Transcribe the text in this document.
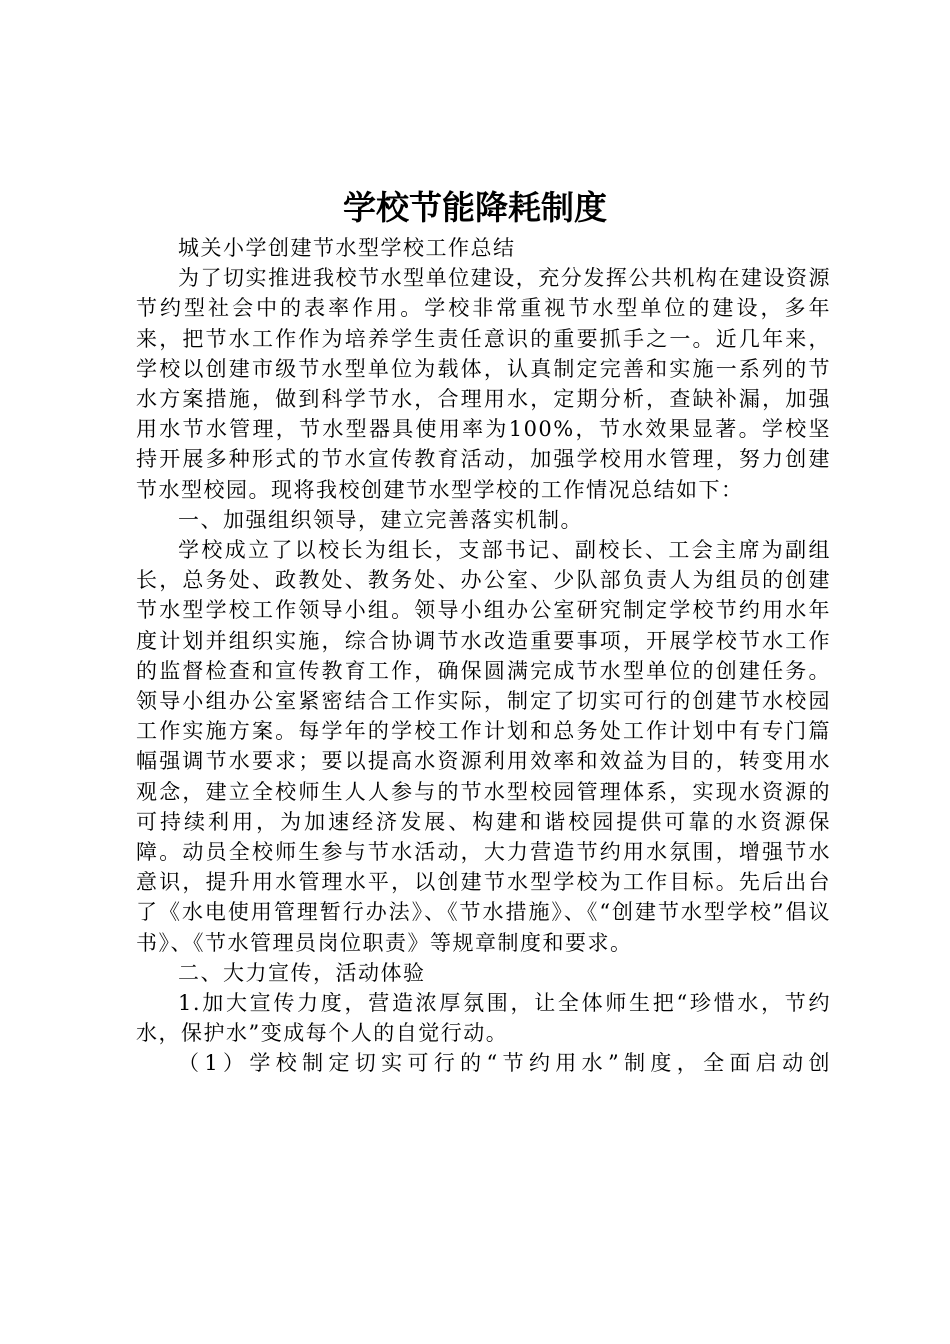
学校节能降耗制度

城关小学创建节水型学校工作总结

为了切实推进我校节水型单位建设，充分发挥公共机构在建设资源节约型社会中的表率作用。学校非常重视节水型单位的建设，多年来，把节水工作作为培养学生责任意识的重要抓手之一。近几年来，学校以创建市级节水型单位为载体，认真制定完善和实施一系列的节水方案措施，做到科学节水，合理用水，定期分析，查缺补漏，加强用水节水管理，节水型器具使用率为100%，节水效果显著。学校坚持开展多种形式的节水宣传教育活动，加强学校用水管理，努力创建节水型校园。现将我校创建节水型学校的工作情况总结如下：

一、加强组织领导，建立完善落实机制。

学校成立了以校长为组长，支部书记、副校长、工会主席为副组长，总务处、政教处、教务处、办公室、少队部负责人为组员的创建节水型学校工作领导小组。领导小组办公室研究制定学校节约用水年度计划并组织实施，综合协调节水改造重要事项，开展学校节水工作的监督检查和宣传教育工作，确保圆满完成节水型单位的创建任务。领导小组办公室紧密结合工作实际，制定了切实可行的创建节水校园工作实施方案。每学年的学校工作计划和总务处工作计划中有专门篇幅强调节水要求；要以提高水资源利用效率和效益为目的，转变用水观念，建立全校师生人人参与的节水型校园管理体系，实现水资源的可持续利用，为加速经济发展、构建和谐校园提供可靠的水资源保障。动员全校师生参与节水活动，大力营造节约用水氛围，增强节水意识，提升用水管理水平，以创建节水型学校为工作目标。先后出台了《水电使用管理暂行办法》、《节水措施》、《“创建节水型学校”倡议书》、《节水管理员岗位职责》等规章制度和要求。

二、大力宣传，活动体验

1.加大宣传力度，营造浓厚氛围，让全体师生把“珍惜水，节约水，保护水”变成每个人的自觉行动。

（1）学校制定切实可行的“节约用水”制度，全面启动创
